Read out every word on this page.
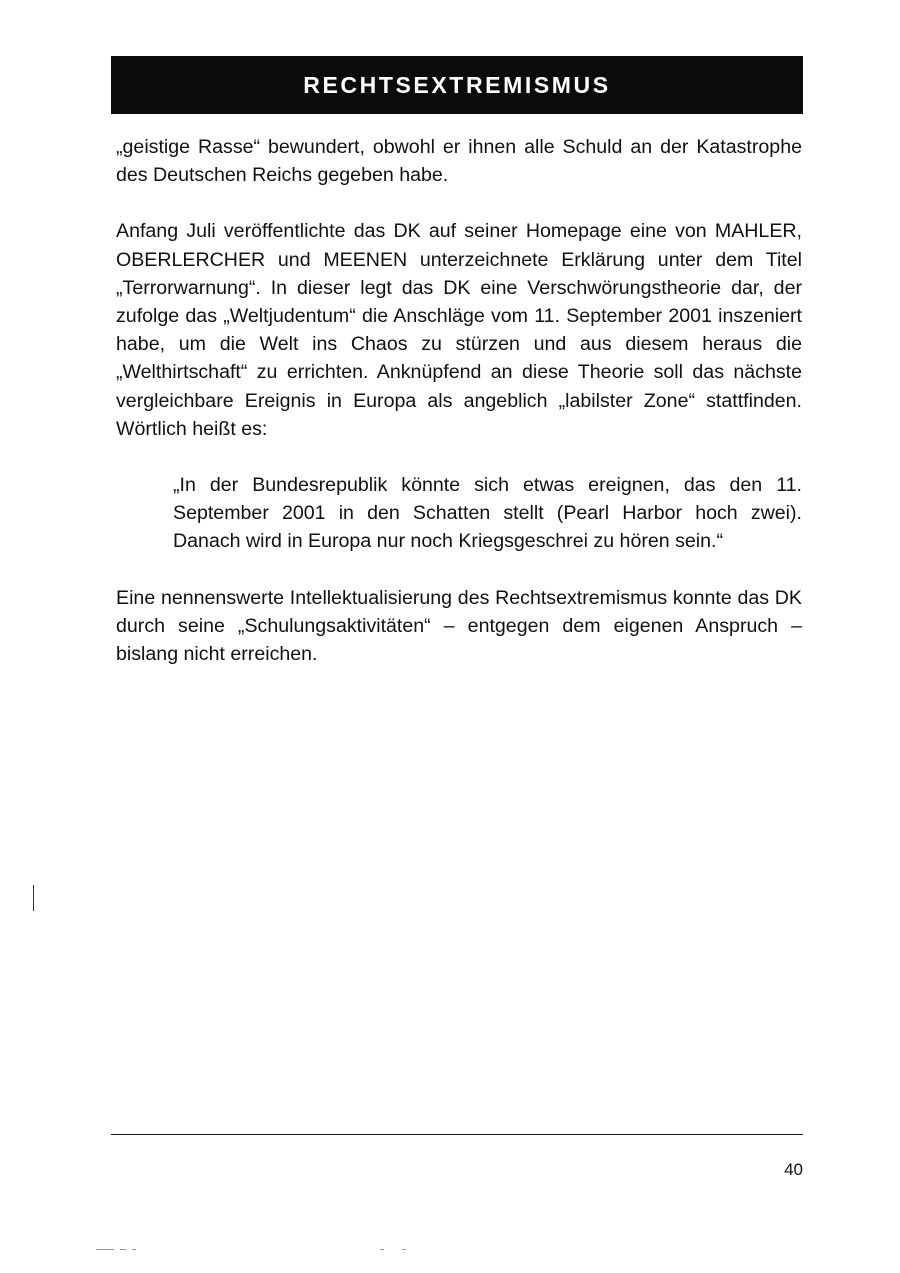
RECHTSEXTREMISMUS

„geistige Rasse“ bewundert, obwohl er ihnen alle Schuld an der Katastrophe des Deutschen Reichs gegeben habe.

Anfang Juli veröffentlichte das DK auf seiner Homepage eine von MAHLER, OBERLERCHER und MEENEN unterzeichnete Erklärung unter dem Titel „Terrorwarnung“. In dieser legt das DK eine Verschwörungstheorie dar, der zufolge das „Weltjudentum“ die Anschläge vom 11. September 2001 inszeniert habe, um die Welt ins Chaos zu stürzen und aus diesem heraus die „Welthirtschaft“ zu errichten. Anknüpfend an diese Theorie soll das nächste vergleichbare Ereignis in Europa als angeblich „labilster Zone“ stattfinden. Wörtlich heißt es:

„In der Bundesrepublik könnte sich etwas ereignen, das den 11. September 2001 in den Schatten stellt (Pearl Harbor hoch zwei). Danach wird in Europa nur noch Kriegsgeschrei zu hören sein.“

Eine nennenswerte Intellektualisierung des Rechtsextremismus konnte das DK durch seine „Schulungsaktivitäten“ – entgegen dem eigenen Anspruch – bislang nicht erreichen.

40
